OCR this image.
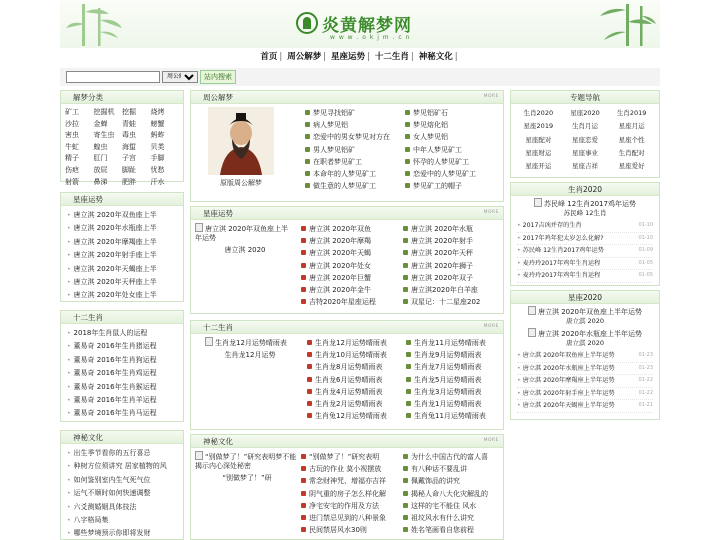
炎黄解梦网
w w w . o k j m . c n
首页 | 周公解梦 | 星座运势 | 十二生肖 | 神秘文化 |
周公解梦
站内搜索
解梦分类
矿工	挖掘机	挖掘	烧烤
沙拉	金蝉	青蛙	螃蟹
害虫	寄生虫	毒虫	蚂蚱
牛虻	蝗虫	海蜇	贝类
精子	肛门	子宫	手脚
伤疤	放屁	脚趾	忧愁
射箭	鼻涕	肥胖	汗水
星座运势
• 唐立淇 2020年双鱼座上半
• 唐立淇 2020年水瓶座上半
• 唐立淇 2020年摩羯座上半
• 唐立淇 2020年射手座上半
• 唐立淇 2020年天蝎座上半
• 唐立淇 2020年天秤座上半
• 唐立淇 2020年处女座上半
十二生肖
• 2018年生肖鼠人的运程
• 董易奇 2016年生肖猪运程
• 董易奇 2016年生肖狗运程
• 董易奇 2016年生肖鸡运程
• 董易奇 2016年生肖猴运程
• 董易奇 2016年生肖羊运程
• 董易奇 2016年生肖马运程
神秘文化
• 出生季节看你的五行喜忌
• 种树方位须讲究 居家植物的风
• 如何鉴别室内生气死气位
• 运气不顺时如何快速调整
• 六爻测婚姻具体技法
• 八字格局集
• 哪些梦境预示你即将发财
周公解梦	MORE
原版周公解梦
梦见寻找铝矿	梦见铝矿石
病人梦见铝	梦见熔化铝
恋爱中的男女梦见对方在	女人梦见铝
男人梦见铝矿	中年人梦见矿工
在职者梦见矿工	怀孕的人梦见矿工
本命年的人梦见矿工	恋爱中的人梦见矿工
做生意的人梦见矿工	梦见矿工的帽子
星座运势	MORE
唐立淇 2020年双鱼座上半年运势
唐立淇 2020
唐立淇 2020年双鱼	唐立淇 2020年水瓶
唐立淇 2020年摩羯	唐立淇 2020年射手
唐立淇 2020年天蝎	唐立淇 2020年天秤
唐立淇 2020年处女	唐立淇 2020年狮子
唐立淇 2020年巨蟹	唐立淇 2020年双子
唐立淇 2020年金牛	唐立淇2020年白羊座
吉特2020年星座运程	双星记：十二星座202
十二生肖	MORE
生肖龙12月运势晴雨表
生肖龙12月运势
生肖龙12月运势晴雨表	生肖龙11月运势晴雨表
生肖龙10月运势晴雨表	生肖龙9月运势晴雨表
生肖龙8月运势晴雨表	生肖龙7月运势晴雨表
生肖龙6月运势晴雨表	生肖龙5月运势晴雨表
生肖龙4月运势晴雨表	生肖龙3月运势晴雨表
生肖龙2月运势晴雨表	生肖龙1月运势晴雨表
生肖兔12月运势晴雨表	生肖兔11月运势晴雨表
神秘文化	MORE
“别做梦了！”研究表明梦不能揭示内心深处秘密
“别做梦了！”研
“别做梦了！”研究表明	为什么中国古代的富人喜
古玩的作业 莫小视摆放	有八种话不要乱讲
常念财神咒、增福亦吉祥	佩戴饰品的讲究
阴气重的房子怎么样化解	揭秘人命八大化灾解乱的
净宅安宅的作用及方法	这样的宅不能住 风水
进门禁忌见到的八种景象	祖坟风水有什么讲究
民间禁居风水30则	姓名笔画看自您前程
专题导航
生肖2020	星座2020	生肖2019
星座2019	生肖月运	星座月运
星座配对	星座恋爱	星座个性
星座财运	星座事业	生肖配对
星座开运	星座吉祥	星座爱好
生肖2020
苏民峰 12生肖2017鸡年运势
苏民峰 12生肖
• 2017吉凶并存的生肖	01-10
• 2017年鸡年犯太岁怎么化解?	01-10
• 苏民峰 12生肖2017鸡年运势	01-09
• 麦玲玲2017年鸡年生肖运程	01-05
• 麦玲玲2017年鸡年生肖运程	01-05
星座2020
唐立淇 2020年双鱼座上半年运势
唐立淇 2020
唐立淇 2020年水瓶座上半年运势
唐立淇 2020
• 唐立淇 2020年双鱼座上半年运势	01-23
• 唐立淇 2020年水瓶座上半年运势	01-23
• 唐立淇 2020年摩羯座上半年运势	01-22
• 唐立淇 2020年射手座上半年运势	01-22
• 唐立淇 2020年天蝎座上半年运势	01-21
